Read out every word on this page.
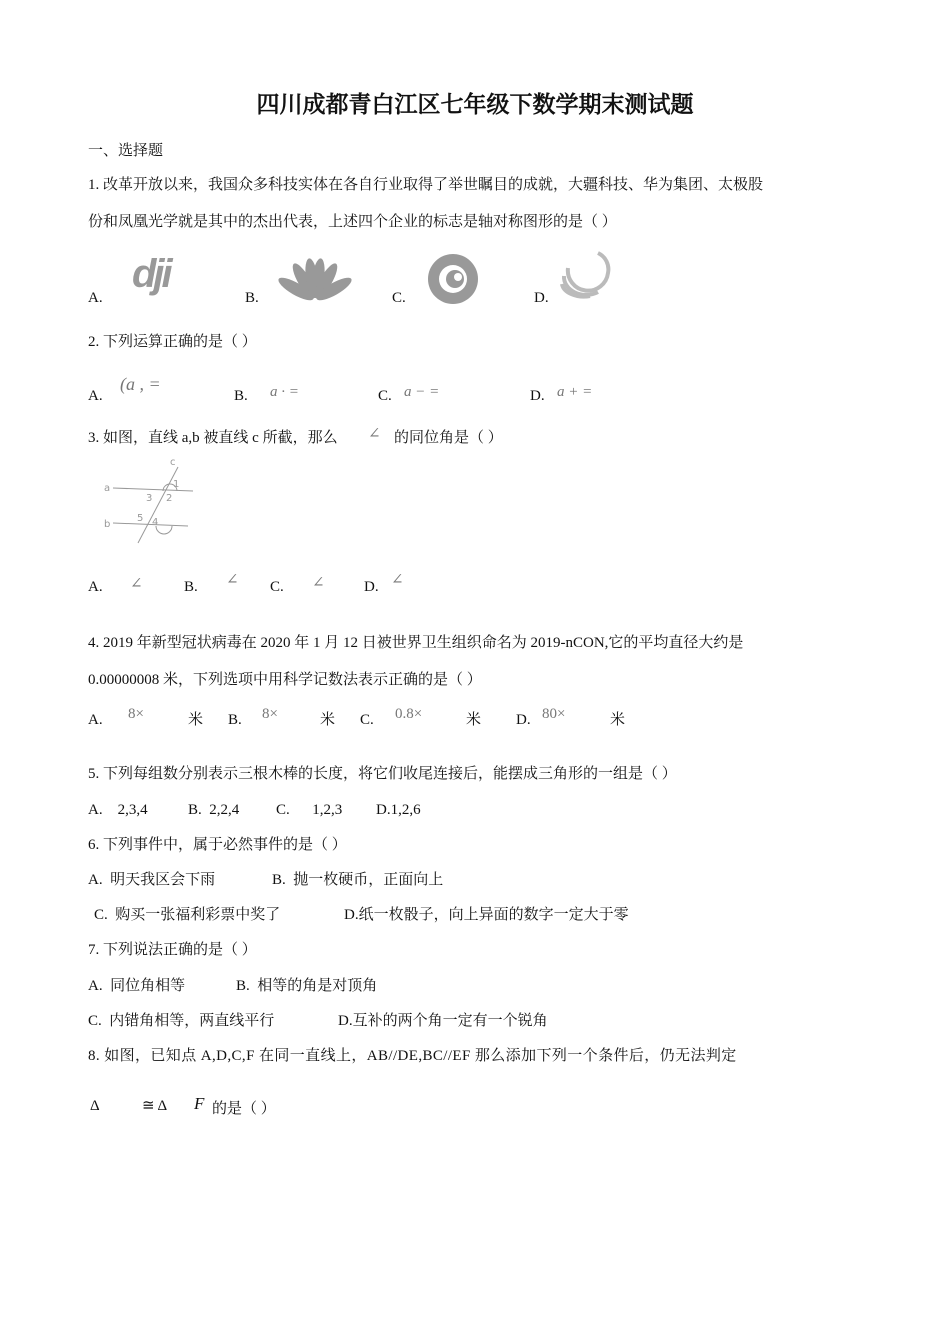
四川成都青白江区七年级下数学期末测试题
一、选择题
1. 改革开放以来，我国众多科技实体在各自行业取得了举世瞩目的成就，大疆科技、华为集团、太极股
份和凤凰光学就是其中的杰出代表，上述四个企业的标志是轴对称图形的是（ ）
A.
dji
B.	C.	D.
2. 下列运算正确的是（ ）
A.
(a , =
B. a · =	C. a − =	D. a + =
3. 如图，直线 a,b 被直线 c 所截，那么 ∠ 的同位角是（ ）
a
b
c
1
2
3
4
5
A. ∠	B. ∠ C. ∠	D. ∠
4. 2019 年新型冠状病毒在 2020 年 1 月 12 日被世界卫生组织命名为 2019-nCON,它的平均直径大约是
0.00000008 米，下列选项中用科学记数法表示正确的是（ ）
A. 8×	米 B. 8×	米 C. 0.8×	米 D. 80×	米
5. 下列每组数分别表示三根木棒的长度，将它们收尾连接后，能摆成三角形的一组是（ ）
A.    2,3,4	B.  2,2,4 C.      1,2,3 D.1,2,6
6. 下列事件中，属于必然事件的是（ ）
A.  明天我区会下雨	B.  抛一枚硬币，正面向上
C.  购买一张福利彩票中奖了	D.纸一枚骰子，向上异面的数字一定大于零
7. 下列说法正确的是（ ）
A.  同位角相等	B.  相等的角是对顶角
C.  内错角相等，两直线平行	D.互补的两个角一定有一个锐角
8. 如图，已知点 A,D,C,F 在同一直线上，AB//DE,BC//EF 那么添加下列一个条件后，仍无法判定
Δ	≅ Δ F 的是（ ）
